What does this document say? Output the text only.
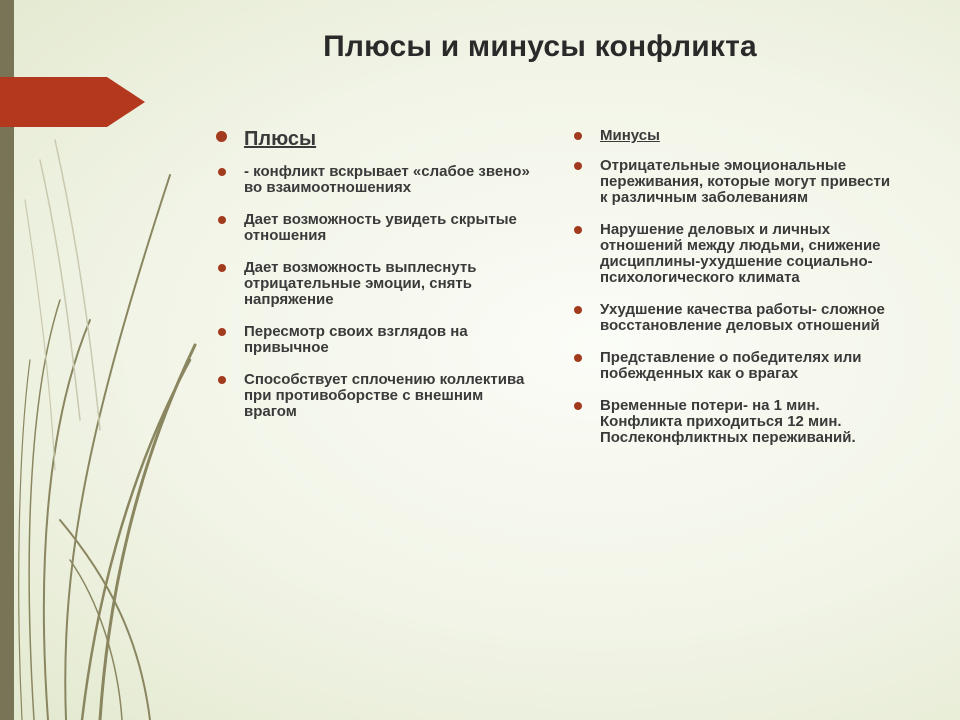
Плюсы и минусы конфликта
Плюсы
- конфликт вскрывает «слабое звено» во взаимоотношениях
Дает возможность увидеть скрытые отношения
Дает возможность выплеснуть отрицательные эмоции, снять напряжение
Пересмотр своих взглядов на привычное
Способствует сплочению коллектива при противоборстве с внешним врагом
Минусы
Отрицательные эмоциональные переживания, которые могут привести к различным заболеваниям
Нарушение деловых и личных отношений между людьми, снижение дисциплины-ухудшение социально-психологического климата
Ухудшение качества работы- сложное восстановление деловых отношений
Представление о победителях или побежденных как о врагах
Временные потери- на 1 мин. Конфликта приходиться 12 мин. Послеконфликтных переживаний.
